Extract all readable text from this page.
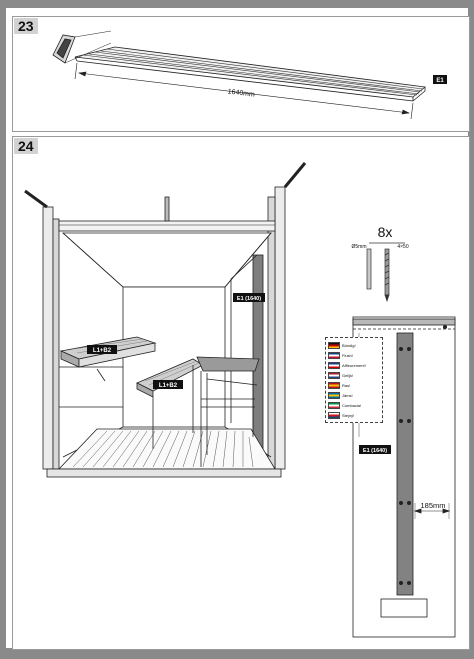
23
1640mm
E1
24
E1 (1640)
L1+B2
L1+B2
8x
Ø5mm	4×50
E1 (1640)
185mm
Bündig!
Flush!
Affleurement!
Gelijk!
Ras!
Jäms!
Combacia!
Stejný!
